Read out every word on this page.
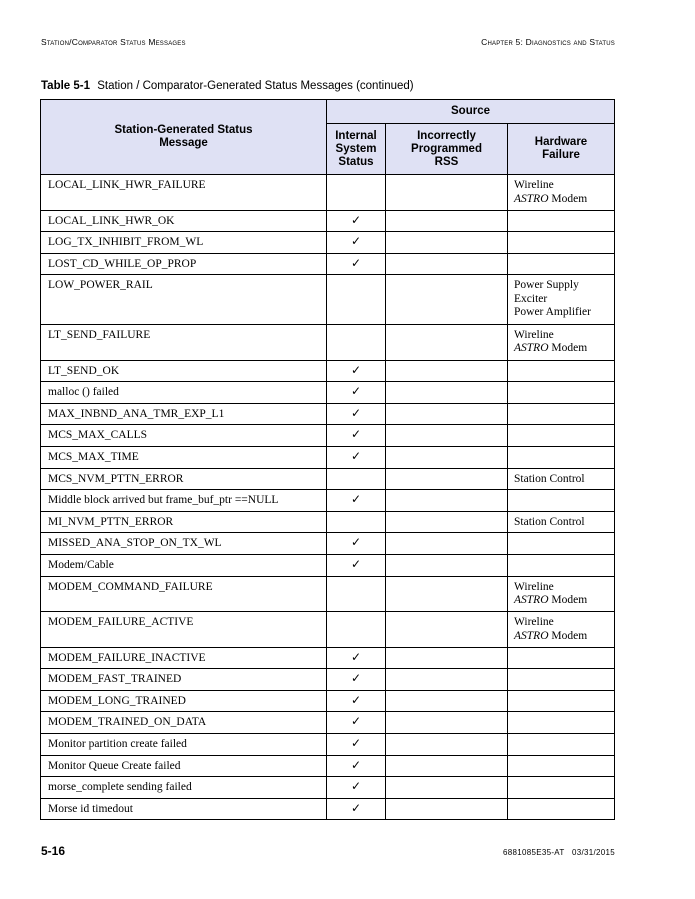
Station/Comparator Status Messages	Chapter 5: Diagnostics and Status
Table 5-1 Station / Comparator-Generated Status Messages (continued)
Station-Generated Status Message	Source		

	Internal System Status	Incorrectly Programmed RSS	Hardware Failure

LOCAL_LINK_HWR_FAILURE			Wireline
ASTRO Modem

LOCAL_LINK_HWR_OK	✓		
LOG_TX_INHIBIT_FROM_WL	✓		
LOST_CD_WHILE_OP_PROP	✓		
LOW_POWER_RAIL			Power Supply
Exciter
Power Amplifier

LT_SEND_FAILURE			Wireline
ASTRO Modem

LT_SEND_OK	✓		
malloc () failed	✓		
MAX_INBND_ANA_TMR_EXP_L1	✓		
MCS_MAX_CALLS	✓		
MCS_MAX_TIME	✓		
MCS_NVM_PTTN_ERROR			Station Control

Middle block arrived but frame_buf_ptr ==NULL	✓		
MI_NVM_PTTN_ERROR			Station Control

MISSED_ANA_STOP_ON_TX_WL	✓		
Modem/Cable	✓		
MODEM_COMMAND_FAILURE			Wireline
ASTRO Modem

MODEM_FAILURE_ACTIVE			Wireline
ASTRO Modem

MODEM_FAILURE_INACTIVE	✓		
MODEM_FAST_TRAINED	✓		
MODEM_LONG_TRAINED	✓		
MODEM_TRAINED_ON_DATA	✓		
Monitor partition create failed	✓		
Monitor Queue Create failed	✓		
morse_complete sending failed	✓		
Morse id timedout	✓		
5-16	6881085E35-AT   03/31/2015
